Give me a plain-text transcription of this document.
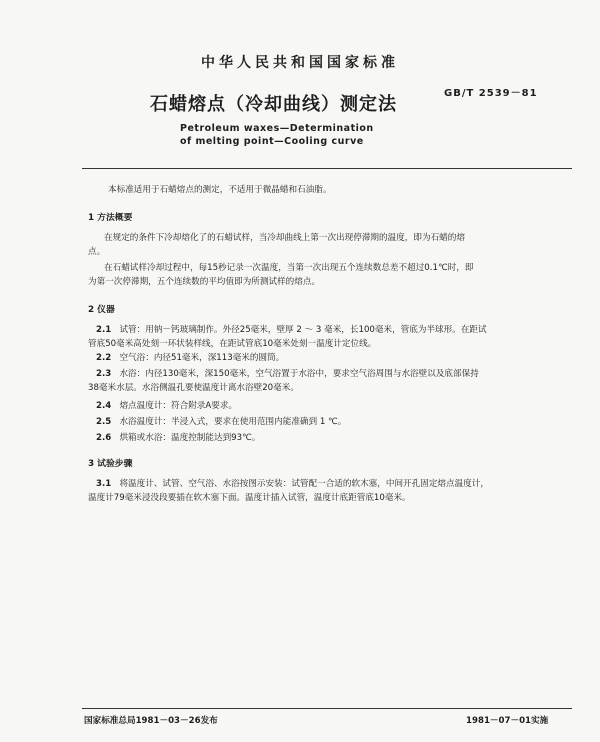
中华人民共和国国家标准
GB/T 2539－81
石蜡熔点（冷却曲线）测定法
Petroleum waxes—Determination
of melting point—Cooling curve
本标准适用于石蜡熔点的测定，不适用于微晶蜡和石油脂。
1 方法概要
在规定的条件下冷却熔化了的石蜡试样，当冷却曲线上第一次出现停滞期的温度，即为石蜡的熔
点。
在石蜡试样冷却过程中，每15秒记录一次温度，当第一次出现五个连续数总差不超过0.1℃时，即
为第一次停滞期，五个连续数的平均值即为所测试样的熔点。
2 仪器
2.1 试管：用钠－钙玻璃制作。外径25毫米，壁厚 2 ～ 3 毫米，长100毫米，管底为半球形。在距试
管底50毫米高处刻一环状装样线，在距试管底10毫米处刻一温度计定位线。
2.2 空气浴：内径51毫米，深113毫米的圆筒。
2.3 水浴：内径130毫米，深150毫米，空气浴置于水浴中，要求空气浴周围与水浴壁以及底部保持
38毫米水层。水浴侧温孔要使温度计离水浴壁20毫米。
2.4 熔点温度计：符合附录A要求。
2.5 水浴温度计：半浸入式，要求在使用范围内能准确到 1 ℃。
2.6 烘箱或水浴：温度控制能达到93℃。
3 试验步骤
3.1 将温度计、试管、空气浴、水浴按图示安装：试管配一合适的软木塞，中间开孔固定熔点温度计，
温度计79毫米浸没段要插在软木塞下面。温度计插入试管，温度计底距管底10毫米。
国家标准总局1981－03－26发布	1981－07－01实施
